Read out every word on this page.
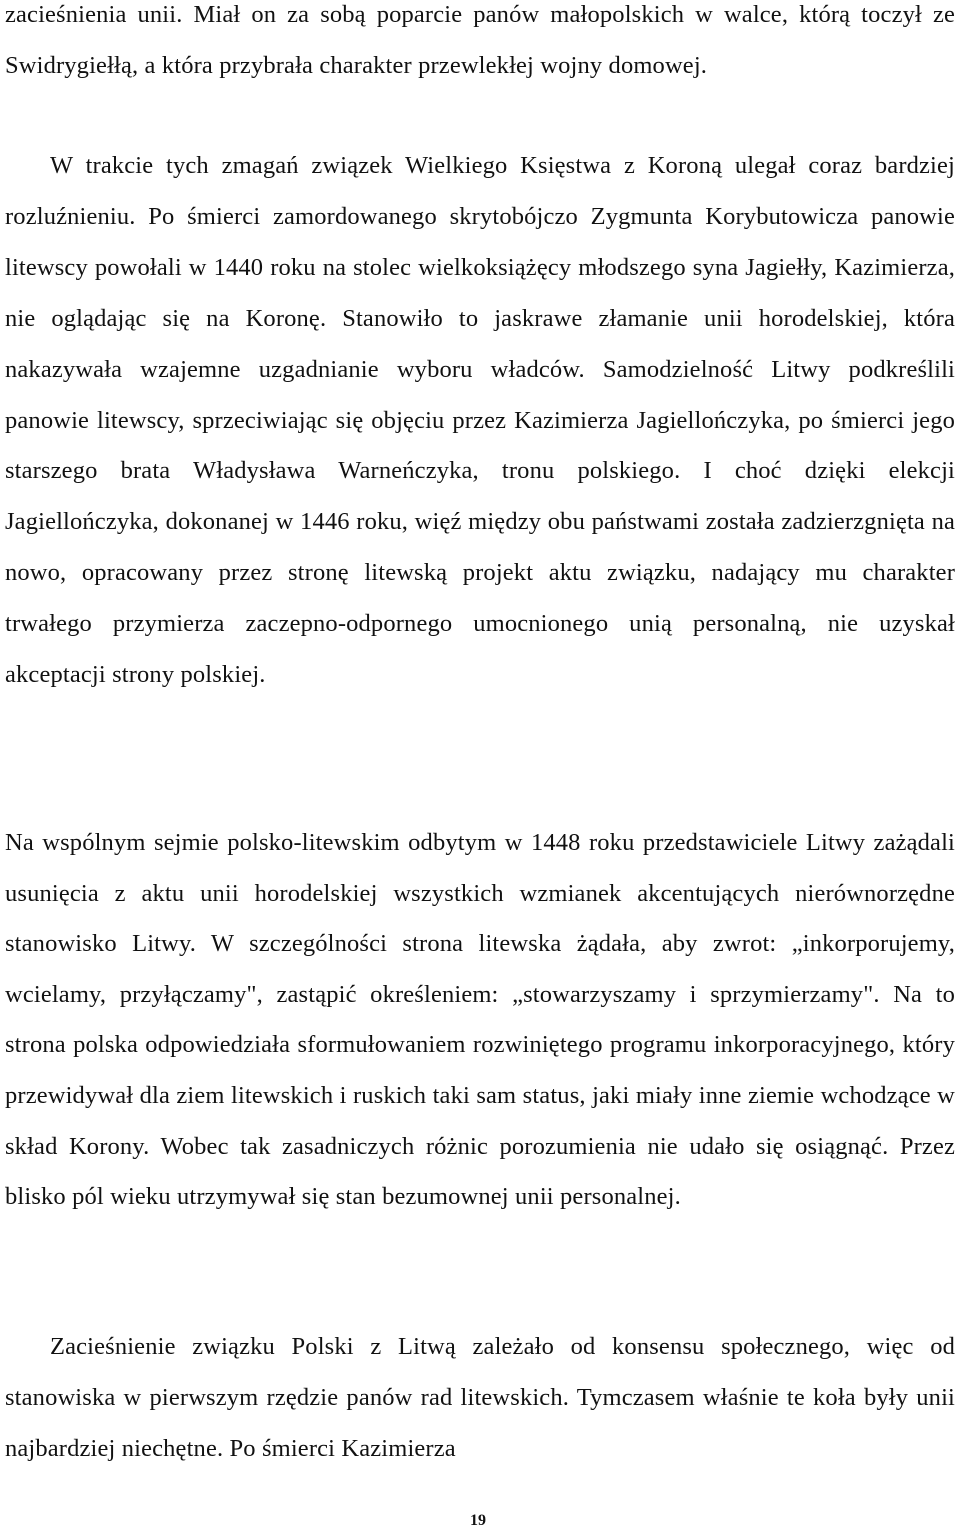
zacieśnienia unii. Miał on za sobą poparcie panów małopolskich w walce, którą toczył ze Swidrygiełłą, a która przybrała charakter przewlekłej wojny domowej.

W trakcie tych zmagań związek Wielkiego Księstwa z Koroną ulegał coraz bardziej rozluźnieniu. Po śmierci zamordowanego skrytobójczo Zygmunta Korybutowicza panowie litewscy powołali w 1440 roku na stolec wielkoksiążęcy młodszego syna Jagiełły, Kazimierza, nie oglądając się na Koronę. Stanowiło to jaskrawe złamanie unii horodelskiej, która nakazywała wzajemne uzgadnianie wyboru władców. Samodzielność Litwy podkreślili panowie litewscy, sprzeciwiając się objęciu przez Kazimierza Jagiellończyka, po śmierci jego starszego brata Władysława Warneńczyka, tronu polskiego. I choć dzięki elekcji Jagiellończyka, dokonanej w 1446 roku, więź między obu państwami została zadzierzgnięta na nowo, opracowany przez stronę litewską projekt aktu związku, nadający mu charakter trwałego przymierza zaczepno-odpornego umocnionego unią personalną, nie uzyskał akceptacji strony polskiej.

Na wspólnym sejmie polsko-litewskim odbytym w 1448 roku przedstawiciele Litwy zażądali usunięcia z aktu unii horodelskiej wszystkich wzmianek akcentujących nierównorzędne stanowisko Litwy. W szczególności strona litewska żądała, aby zwrot: „inkorporujemy, wcielamy, przyłączamy", zastąpić określeniem: „stowarzyszamy i sprzymierzamy". Na to strona polska odpowiedziała sformułowaniem rozwiniętego programu inkorporacyjnego, który przewidywał dla ziem litewskich i ruskich taki sam status, jaki miały inne ziemie wchodzące w skład Korony. Wobec tak zasadniczych różnic porozumienia nie udało się osiągnąć. Przez blisko pól wieku utrzymywał się stan bezumownej unii personalnej.

Zacieśnienie związku Polski z Litwą zależało od konsensu społecznego, więc od stanowiska w pierwszym rzędzie panów rad litewskich. Tymczasem właśnie te koła były unii najbardziej niechętne. Po śmierci Kazimierza

19
